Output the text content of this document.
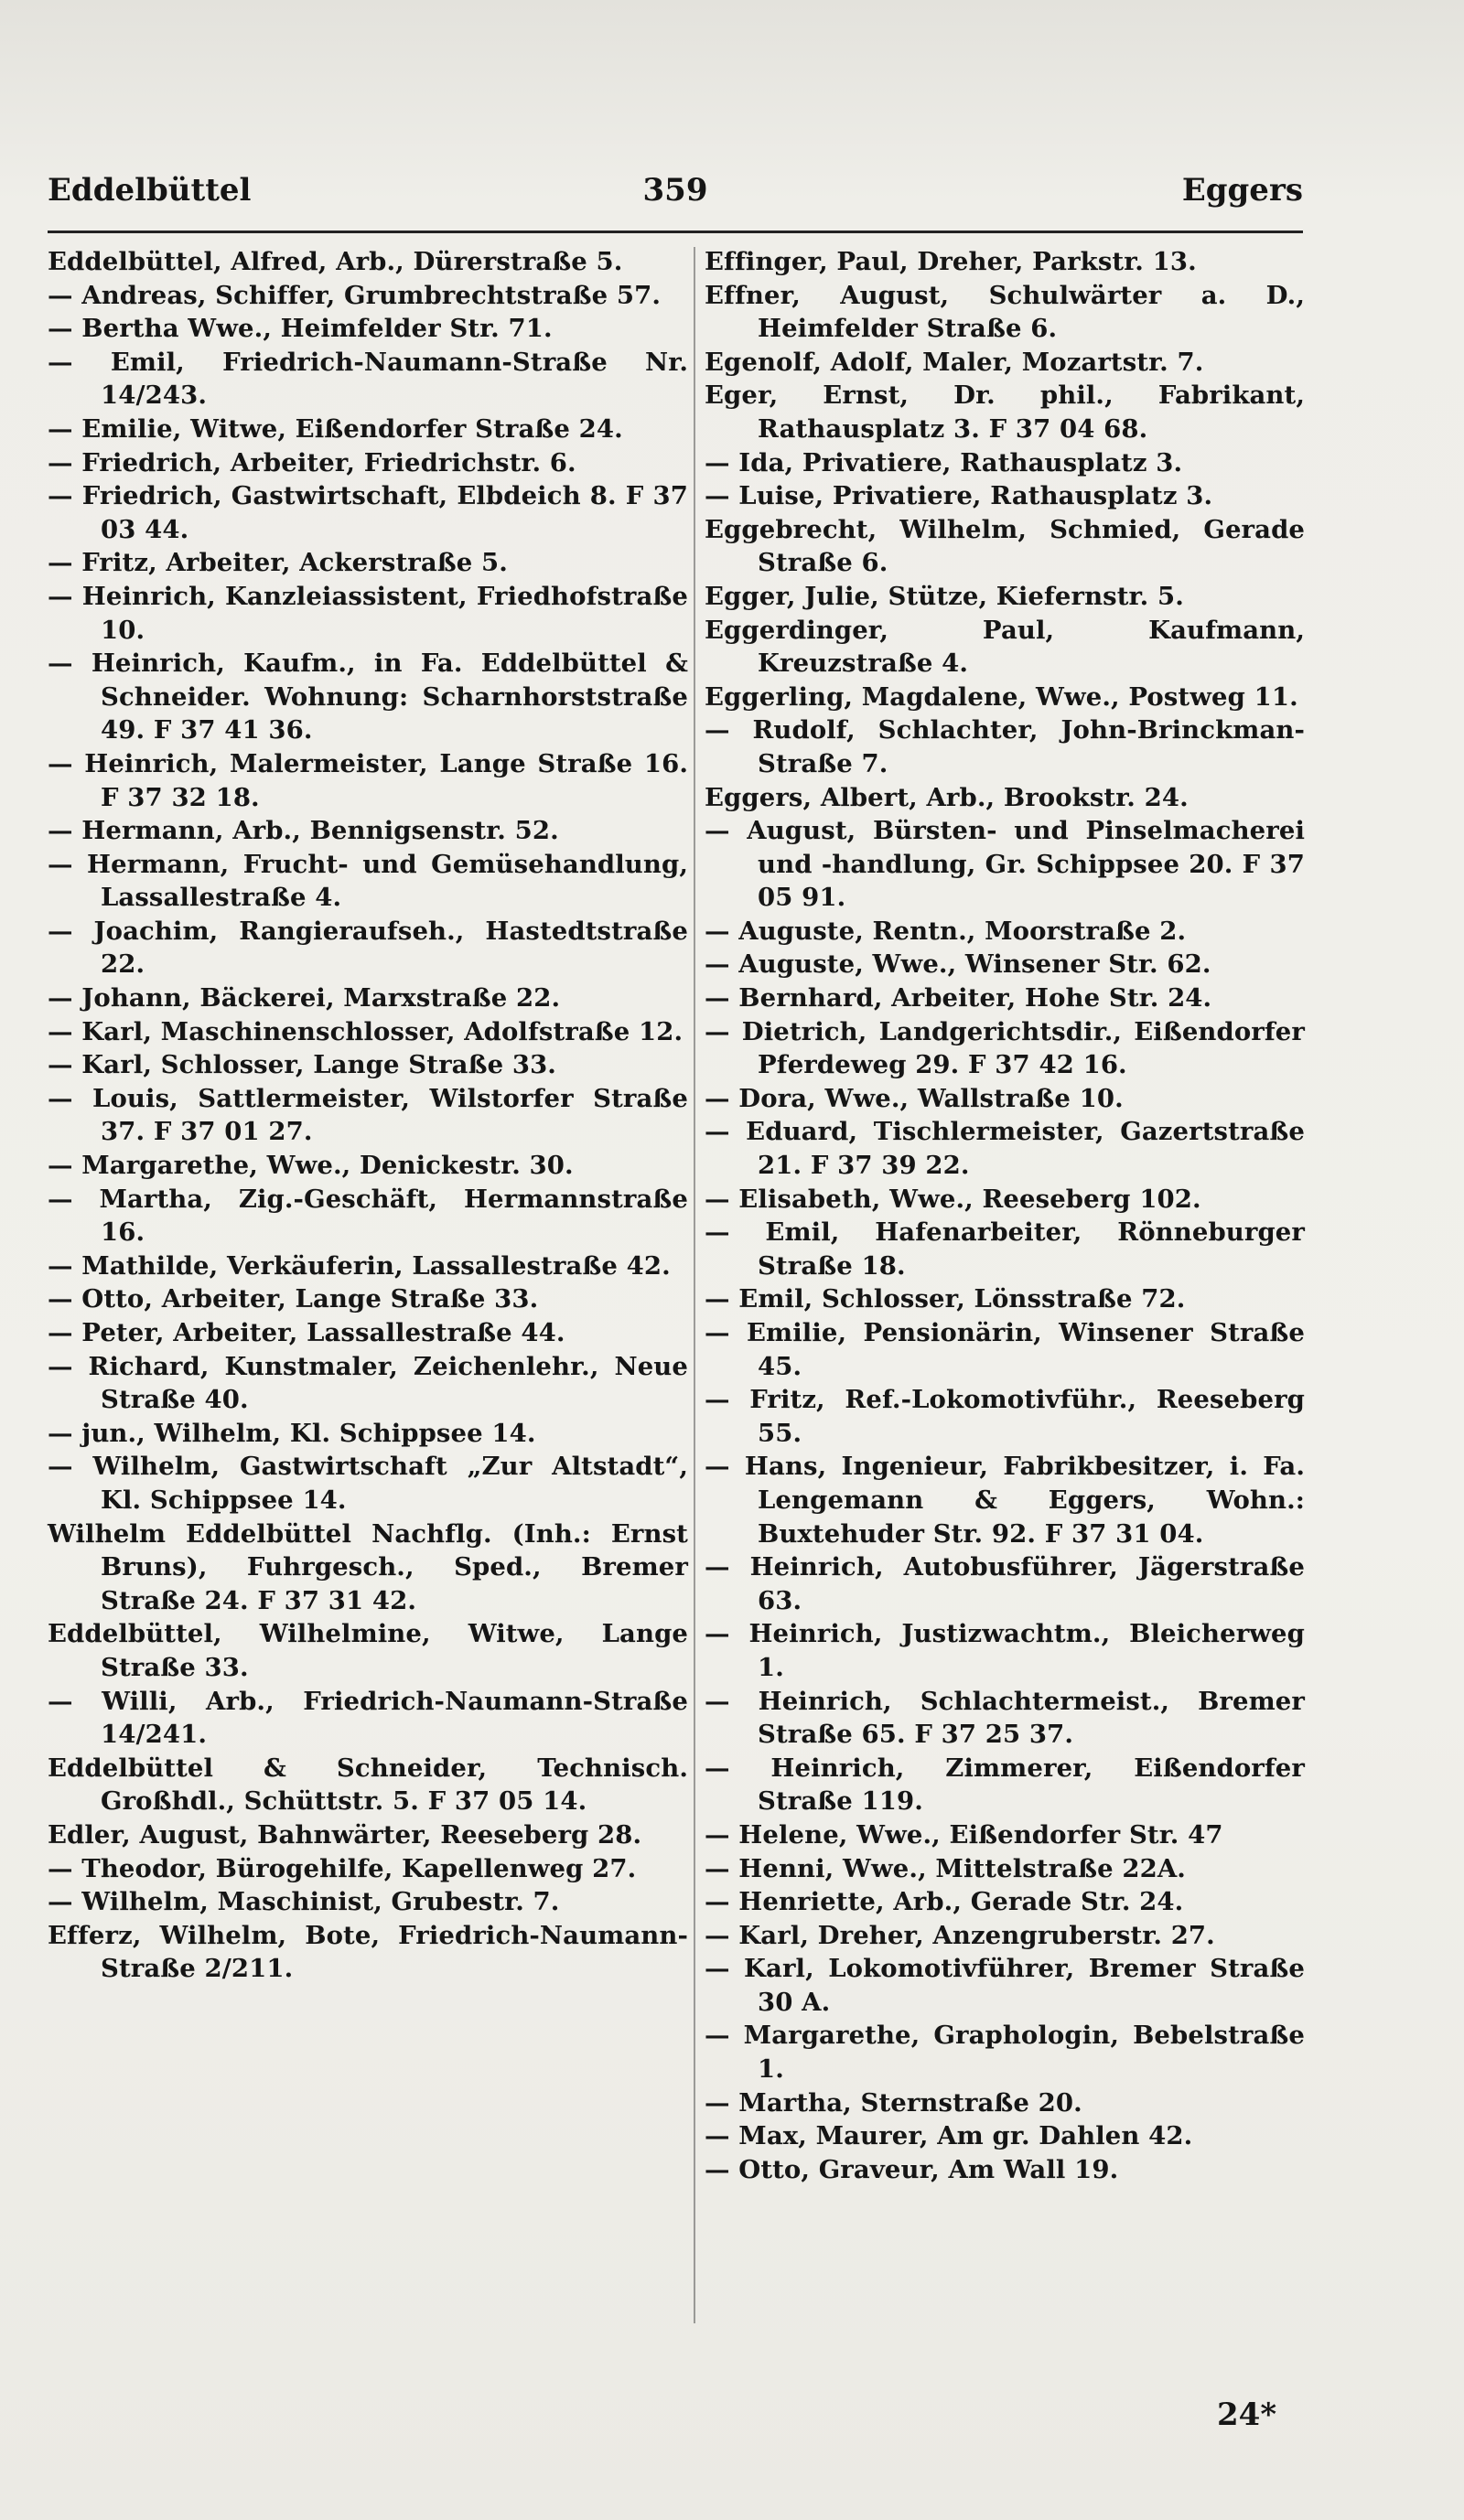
Eddelbüttel	359	Eggers

Eddelbüttel, Alfred, Arb., Dürerstraße 5.

— Andreas, Schiffer, Grumbrechtstraße 57.

— Bertha Wwe., Heimfelder Str. 71.

— Emil, Friedrich-Naumann-Straße Nr. 14/243.

— Emilie, Witwe, Eißendorfer Straße 24.

— Friedrich, Arbeiter, Friedrichstr. 6.

— Friedrich, Gastwirtschaft, Elbdeich 8. F 37 03 44.

— Fritz, Arbeiter, Ackerstraße 5.

— Heinrich, Kanzleiassistent, Friedhofstraße 10.

— Heinrich, Kaufm., in Fa. Eddelbüttel & Schneider. Wohnung: Scharnhorststraße 49. F 37 41 36.

— Heinrich, Malermeister, Lange Straße 16. F 37 32 18.

— Hermann, Arb., Bennigsenstr. 52.

— Hermann, Frucht- und Gemüsehandlung, Lassallestraße 4.

— Joachim, Rangieraufseh., Hastedtstraße 22.

— Johann, Bäckerei, Marxstraße 22.

— Karl, Maschinenschlosser, Adolfstraße 12.

— Karl, Schlosser, Lange Straße 33.

— Louis, Sattlermeister, Wilstorfer Straße 37. F 37 01 27.

— Margarethe, Wwe., Denickestr. 30.

— Martha, Zig.-Geschäft, Hermannstraße 16.

— Mathilde, Verkäuferin, Lassallestraße 42.

— Otto, Arbeiter, Lange Straße 33.

— Peter, Arbeiter, Lassallestraße 44.

— Richard, Kunstmaler, Zeichenlehr., Neue Straße 40.

— jun., Wilhelm, Kl. Schippsee 14.

— Wilhelm, Gastwirtschaft „Zur Altstadt“, Kl. Schippsee 14.

Wilhelm Eddelbüttel Nachflg. (Inh.: Ernst Bruns), Fuhrgesch., Sped., Bremer Straße 24. F 37 31 42.

Eddelbüttel, Wilhelmine, Witwe, Lange Straße 33.

— Willi, Arb., Friedrich-Naumann-Straße 14/241.

Eddelbüttel & Schneider, Technisch. Großhdl., Schüttstr. 5. F 37 05 14.

Edler, August, Bahnwärter, Reeseberg 28.

— Theodor, Bürogehilfe, Kapellenweg 27.

— Wilhelm, Maschinist, Grubestr. 7.

Efferz, Wilhelm, Bote, Friedrich-Naumann-Straße 2/211.

Effinger, Paul, Dreher, Parkstr. 13.

Effner, August, Schulwärter a. D., Heimfelder Straße 6.

Egenolf, Adolf, Maler, Mozartstr. 7.

Eger, Ernst, Dr. phil., Fabrikant, Rathausplatz 3. F 37 04 68.

— Ida, Privatiere, Rathausplatz 3.

— Luise, Privatiere, Rathausplatz 3.

Eggebrecht, Wilhelm, Schmied, Gerade Straße 6.

Egger, Julie, Stütze, Kiefernstr. 5.

Eggerdinger, Paul, Kaufmann, Kreuzstraße 4.

Eggerling, Magdalene, Wwe., Postweg 11.

— Rudolf, Schlachter, John-Brinckman-Straße 7.

Eggers, Albert, Arb., Brookstr. 24.

— August, Bürsten- und Pinselmacherei und -handlung, Gr. Schippsee 20. F 37 05 91.

— Auguste, Rentn., Moorstraße 2.

— Auguste, Wwe., Winsener Str. 62.

— Bernhard, Arbeiter, Hohe Str. 24.

— Dietrich, Landgerichtsdir., Eißendorfer Pferdeweg 29. F 37 42 16.

— Dora, Wwe., Wallstraße 10.

— Eduard, Tischlermeister, Gazertstraße 21. F 37 39 22.

— Elisabeth, Wwe., Reeseberg 102.

— Emil, Hafenarbeiter, Rönneburger Straße 18.

— Emil, Schlosser, Lönsstraße 72.

— Emilie, Pensionärin, Winsener Straße 45.

— Fritz, Ref.-Lokomotivführ., Reeseberg 55.

— Hans, Ingenieur, Fabrikbesitzer, i. Fa. Lengemann & Eggers, Wohn.: Buxtehuder Str. 92. F 37 31 04.

— Heinrich, Autobusführer, Jägerstraße 63.

— Heinrich, Justizwachtm., Bleicherweg 1.

— Heinrich, Schlachtermeist., Bremer Straße 65. F 37 25 37.

— Heinrich, Zimmerer, Eißendorfer Straße 119.

— Helene, Wwe., Eißendorfer Str. 47

— Henni, Wwe., Mittelstraße 22A.

— Henriette, Arb., Gerade Str. 24.

— Karl, Dreher, Anzengruberstr. 27.

— Karl, Lokomotivführer, Bremer Straße 30 A.

— Margarethe, Graphologin, Bebelstraße 1.

— Martha, Sternstraße 20.

— Max, Maurer, Am gr. Dahlen 42.

— Otto, Graveur, Am Wall 19.

24*
